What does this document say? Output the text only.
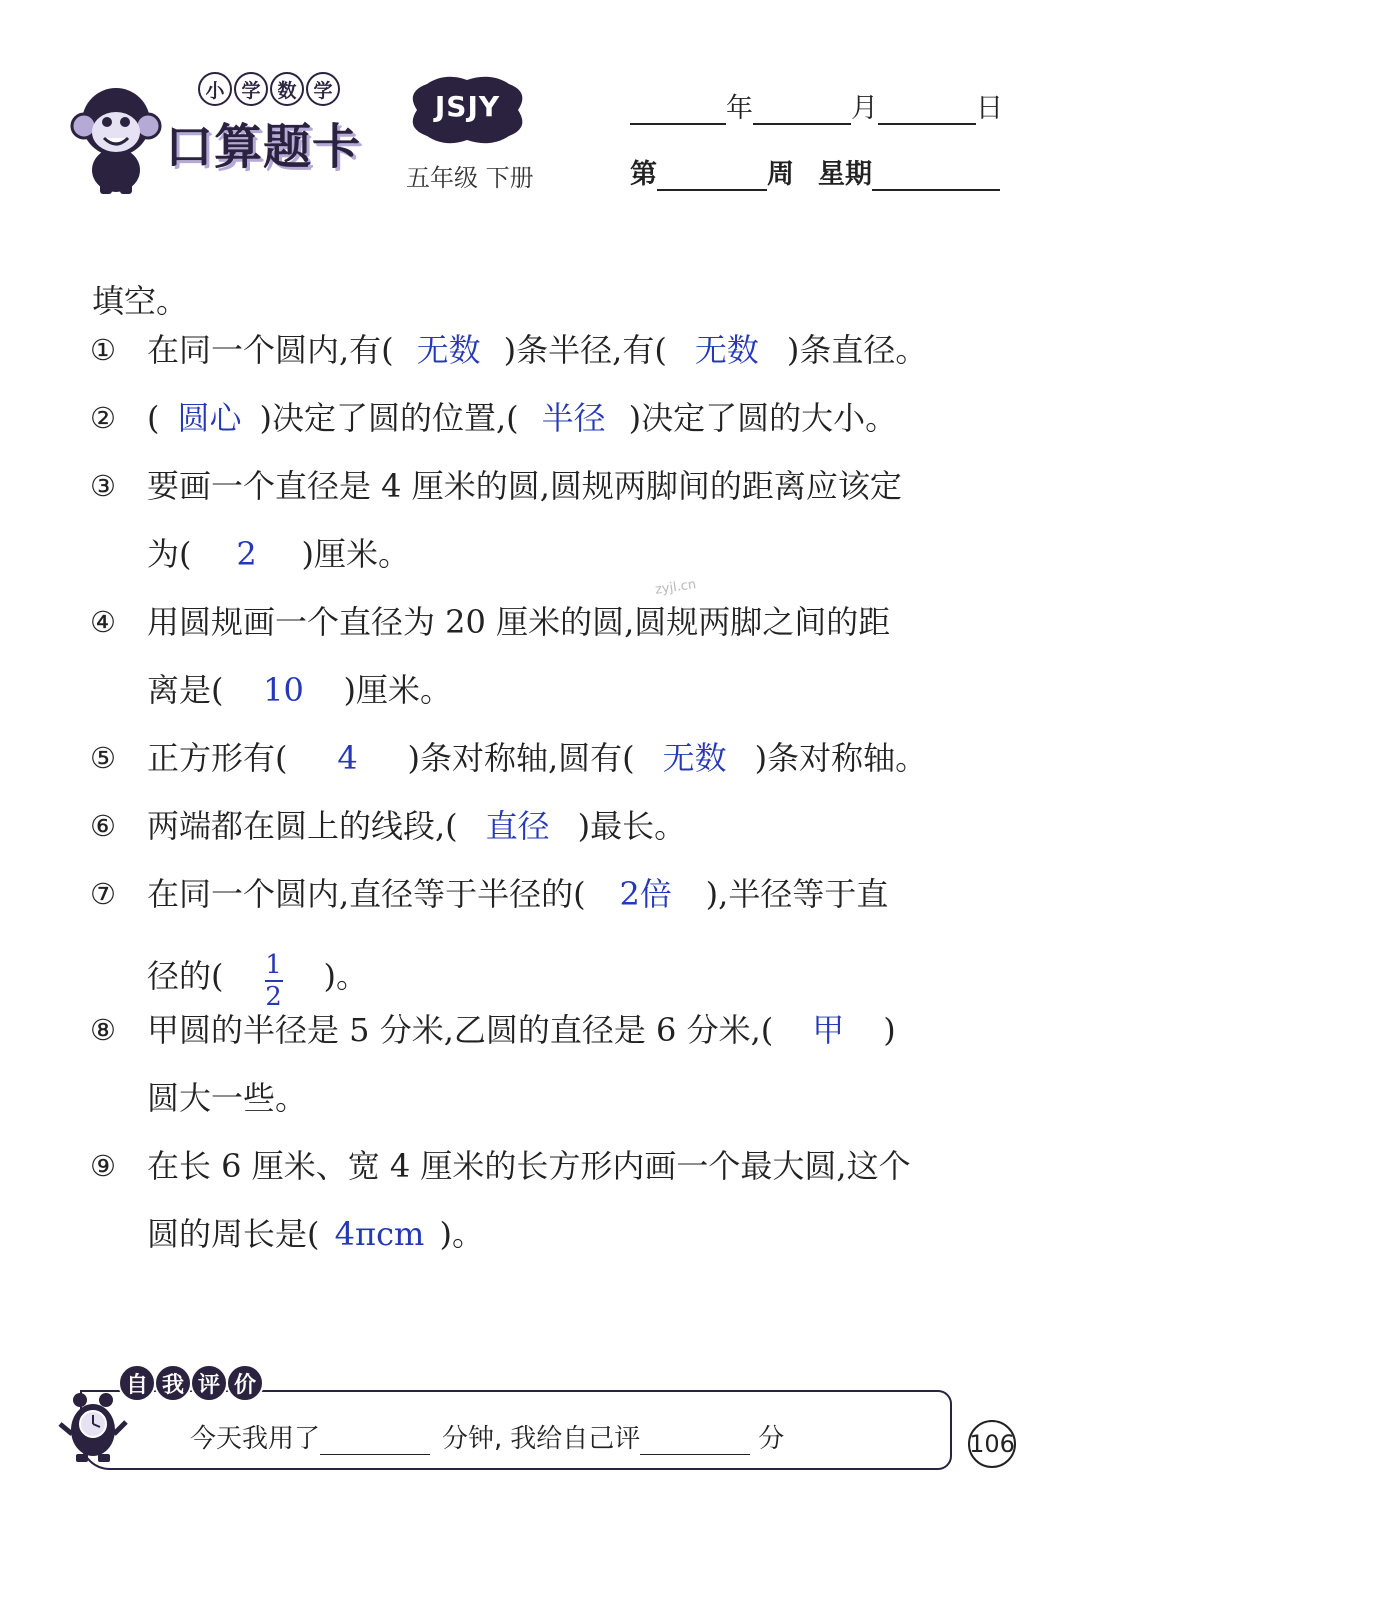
小 学 数 学
口算题卡
JSJY
五年级 下册
年	月	日
第	周 星期
填空。
① 在同一个圆内,有( 无数 )条半径,有( 无数 )条直径。
② ( 圆心 )决定了圆的位置,( 半径 )决定了圆的大小。
③ 要画一个直径是 4 厘米的圆,圆规两脚间的距离应该定
为(	2	)厘米。
zyjl.cn
④ 用圆规画一个直径为 20 厘米的圆,圆规两脚之间的距
离是(	10	)厘米。
⑤ 正方形有(	4	)条对称轴,圆有( 无数 )条对称轴。
⑥ 两端都在圆上的线段,( 直径 )最长。
⑦ 在同一个圆内,直径等于半径的(	2倍	),半径等于直
径的( $\frac{1}{2}$ )。
⑧ 甲圆的半径是 5 分米,乙圆的直径是 6 分米,(	甲	)
圆大一些。
⑨ 在长 6 厘米、宽 4 厘米的长方形内画一个最大圆,这个
圆的周长是( 4πcm )。
自 我 评 价
今天我用了	分钟, 我给自己评	分	106
